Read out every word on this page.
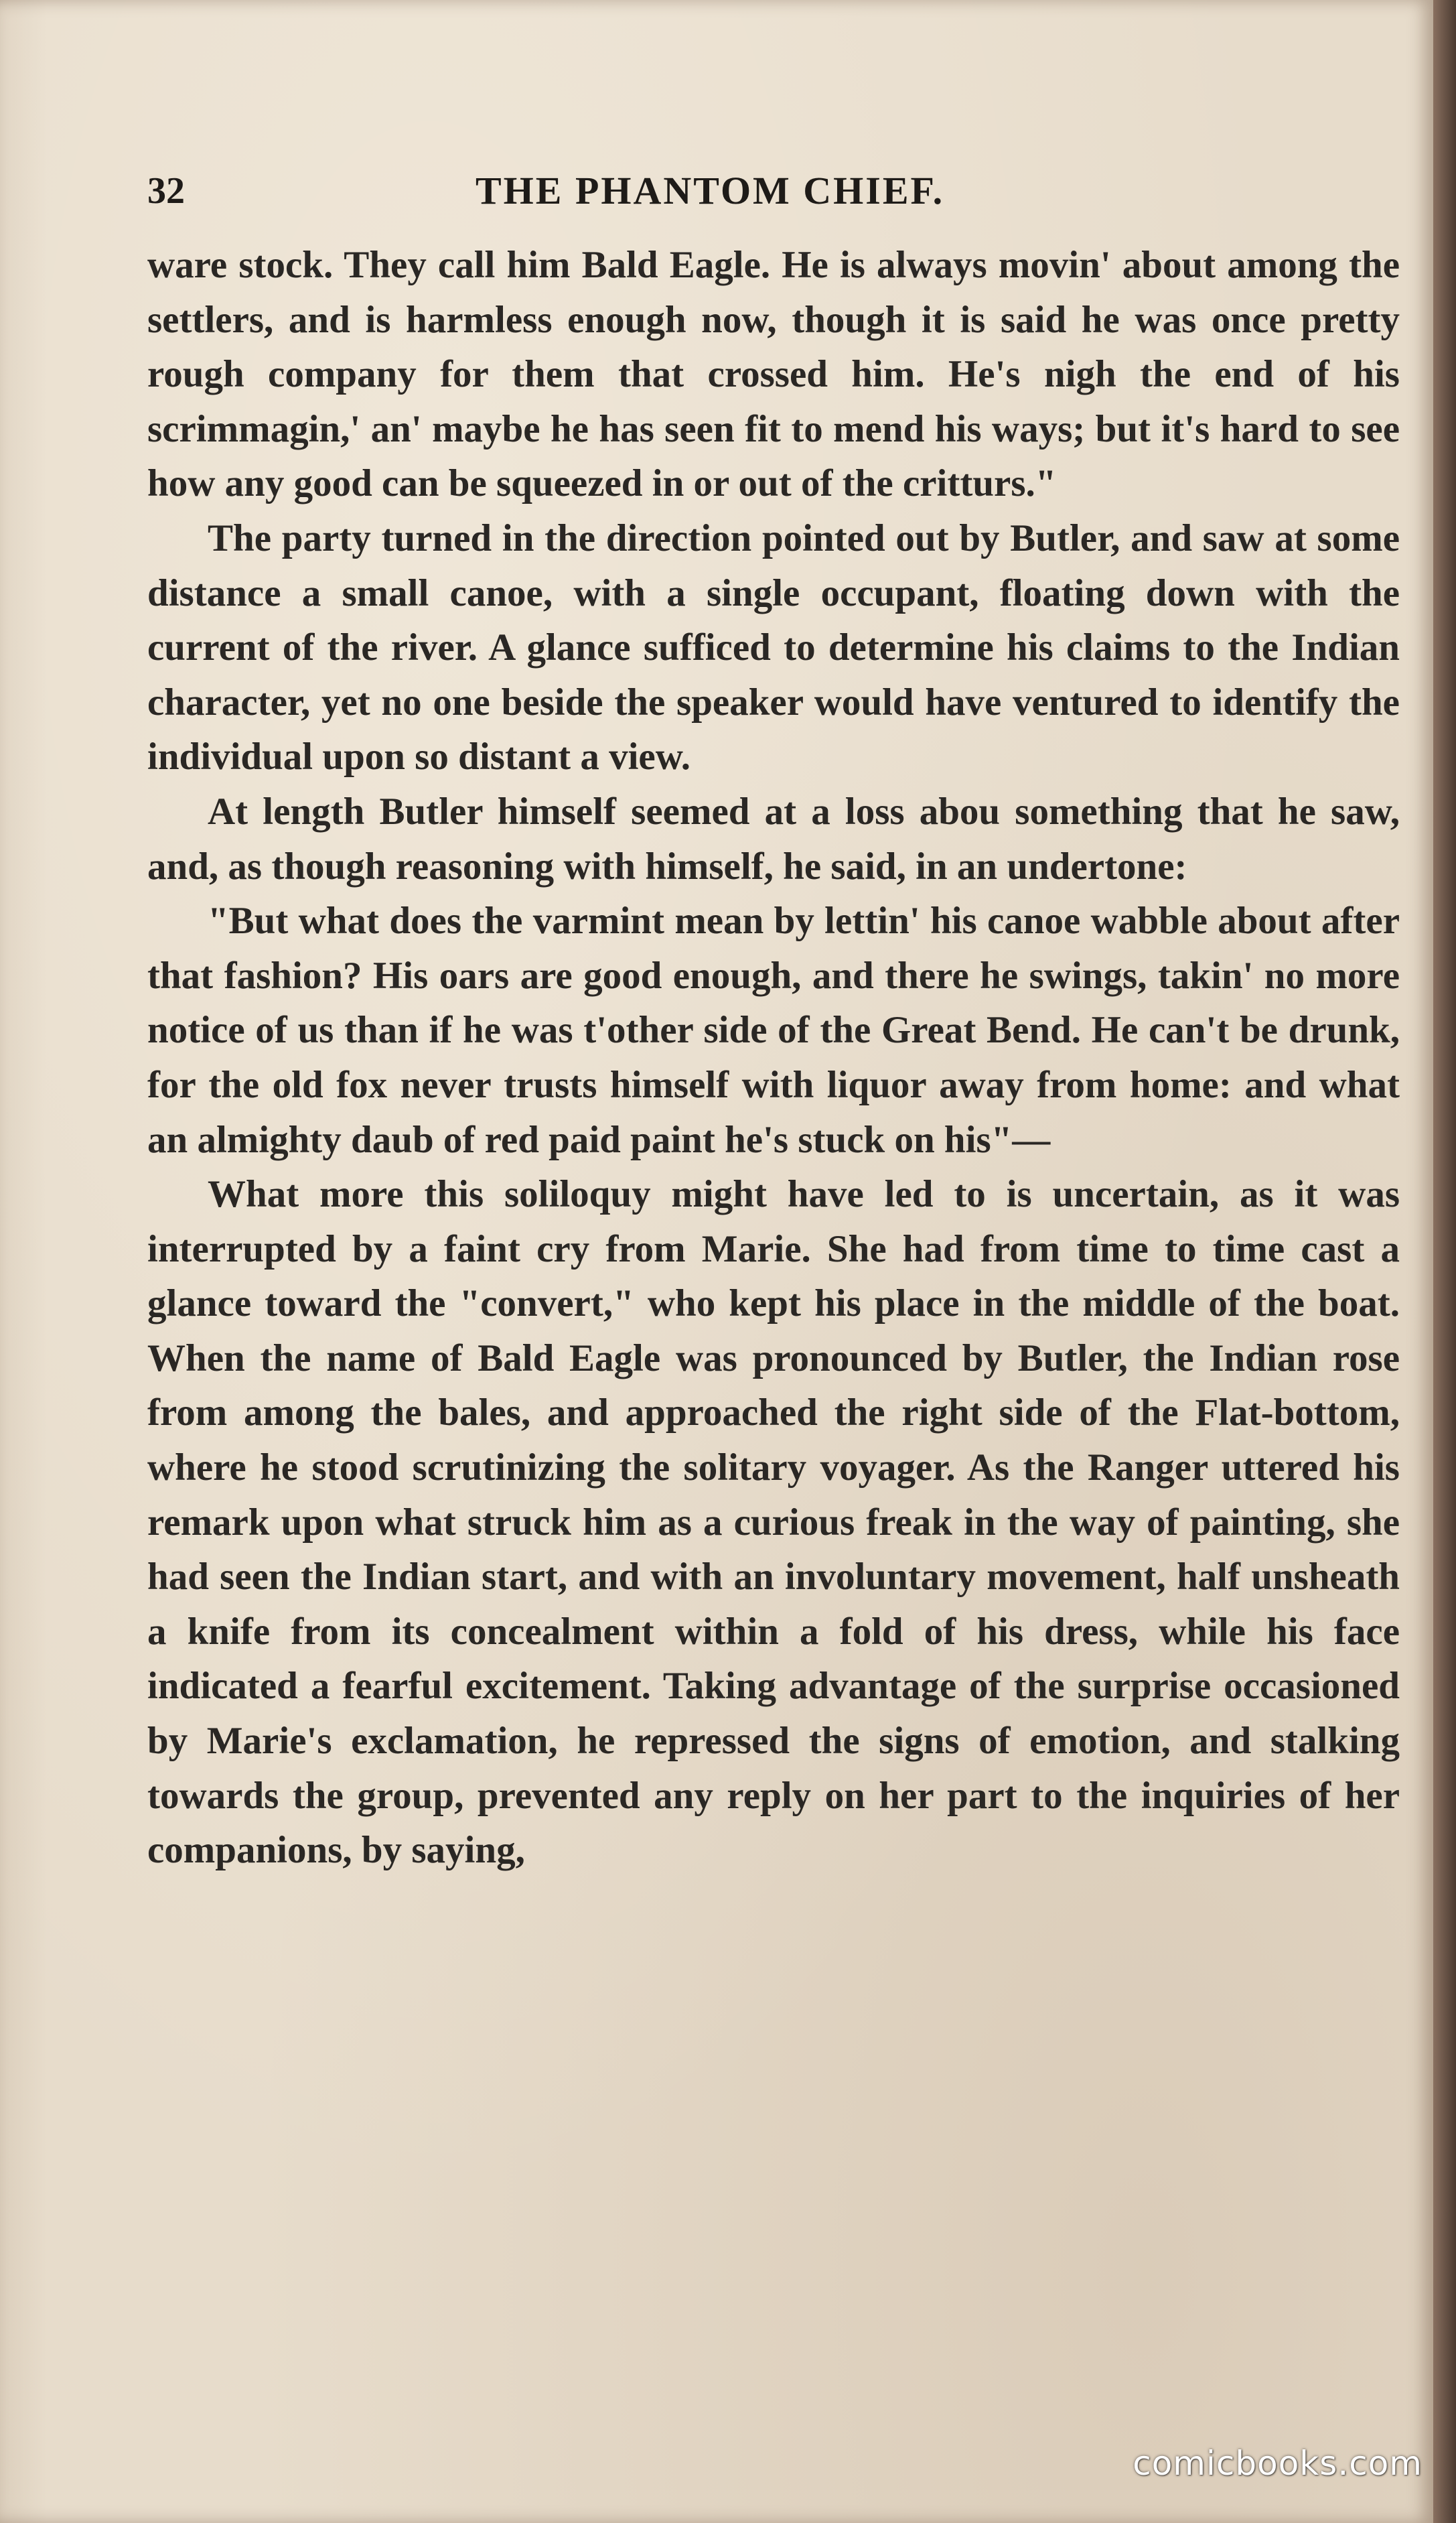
32	THE PHANTOM CHIEF.

ware stock. They call him Bald Eagle. He is always movin' about among the settlers, and is harmless enough now, though it is said he was once pretty rough company for them that crossed him. He's nigh the end of his scrimmagin,' an' maybe he has seen fit to mend his ways; but it's hard to see how any good can be squeezed in or out of the critturs."

The party turned in the direction pointed out by Butler, and saw at some distance a small canoe, with a single occupant, floating down with the current of the river. A glance sufficed to determine his claims to the Indian character, yet no one beside the speaker would have ventured to identify the individual upon so distant a view.

At length Butler himself seemed at a loss abou something that he saw, and, as though reasoning with himself, he said, in an undertone:

"But what does the varmint mean by lettin' his canoe wabble about after that fashion? His oars are good enough, and there he swings, takin' no more notice of us than if he was t'other side of the Great Bend. He can't be drunk, for the old fox never trusts himself with liquor away from home: and what an almighty daub of red paid paint he's stuck on his"—

What more this soliloquy might have led to is uncertain, as it was interrupted by a faint cry from Marie. She had from time to time cast a glance toward the "convert," who kept his place in the middle of the boat. When the name of Bald Eagle was pronounced by Butler, the Indian rose from among the bales, and approached the right side of the Flat-bottom, where he stood scrutinizing the solitary voyager. As the Ranger uttered his remark upon what struck him as a curious freak in the way of painting, she had seen the Indian start, and with an involuntary movement, half unsheath a knife from its concealment within a fold of his dress, while his face indicated a fearful excitement. Taking advantage of the surprise occasioned by Marie's exclamation, he repressed the signs of emotion, and stalking towards the group, prevented any reply on her part to the inquiries of her companions, by saying,

comicbooks.com
